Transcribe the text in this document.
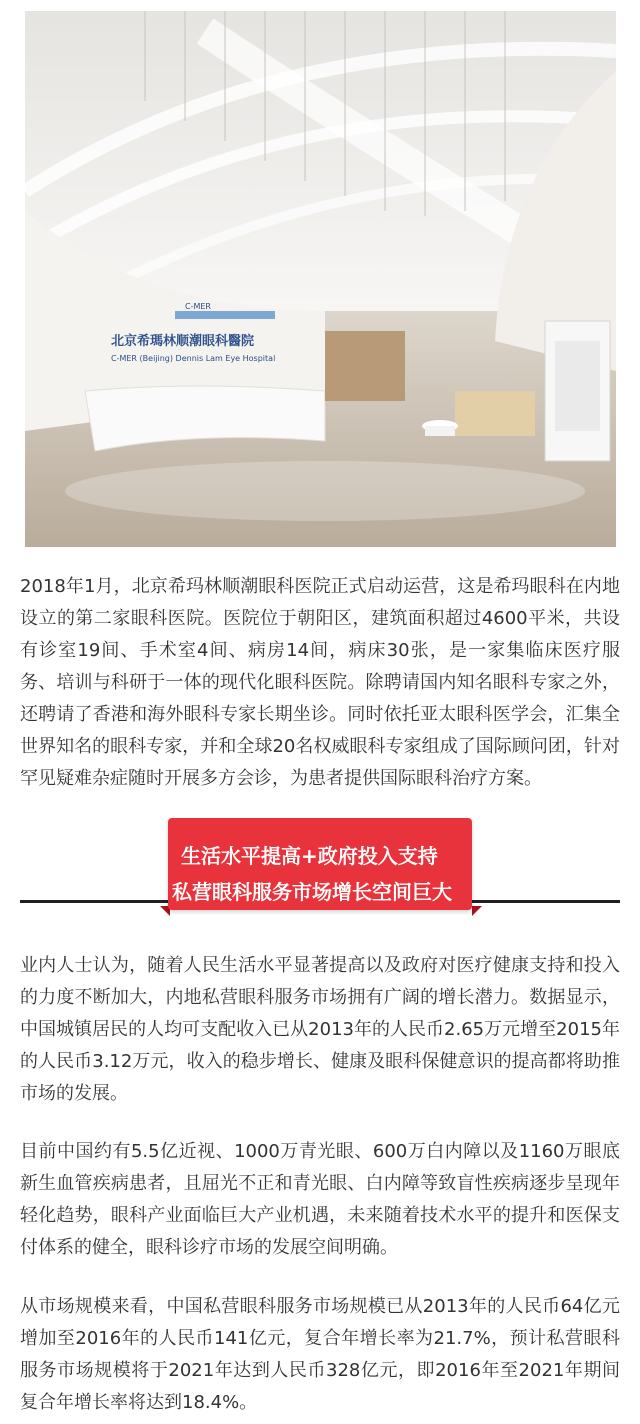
C-MER
北京希瑪林顺潮眼科醫院
C-MER (Beijing) Dennis Lam Eye Hospital

2018年1月，北京希玛林顺潮眼科医院正式启动运营，这是希玛眼科在内地设立的第二家眼科医院。医院位于朝阳区，建筑面积超过4600平米，共设有诊室19间、手术室4间、病房14间，病床30张，是一家集临床医疗服务、培训与科研于一体的现代化眼科医院。除聘请国内知名眼科专家之外，还聘请了香港和海外眼科专家长期坐诊。同时依托亚太眼科医学会，汇集全世界知名的眼科专家，并和全球20名权威眼科专家组成了国际顾问团，针对罕见疑难杂症随时开展多方会诊，为患者提供国际眼科治疗方案。

生活水平提高+政府投入支持
私营眼科服务市场增长空间巨大

业内人士认为，随着人民生活水平显著提高以及政府对医疗健康支持和投入的力度不断加大，内地私营眼科服务市场拥有广阔的增长潜力。数据显示，中国城镇居民的人均可支配收入已从2013年的人民币2.65万元增至2015年的人民币3.12万元，收入的稳步增长、健康及眼科保健意识的提高都将助推市场的发展。

目前中国约有5.5亿近视、1000万青光眼、600万白内障以及1160万眼底新生血管疾病患者，且屈光不正和青光眼、白内障等致盲性疾病逐步呈现年轻化趋势，眼科产业面临巨大产业机遇，未来随着技术水平的提升和医保支付体系的健全，眼科诊疗市场的发展空间明确。

从市场规模来看，中国私营眼科服务市场规模已从2013年的人民币64亿元增加至2016年的人民币141亿元，复合年增长率为21.7%，预计私营眼科服务市场规模将于2021年达到人民币328亿元，即2016年至2021年期间复合年增长率将达到18.4%。
